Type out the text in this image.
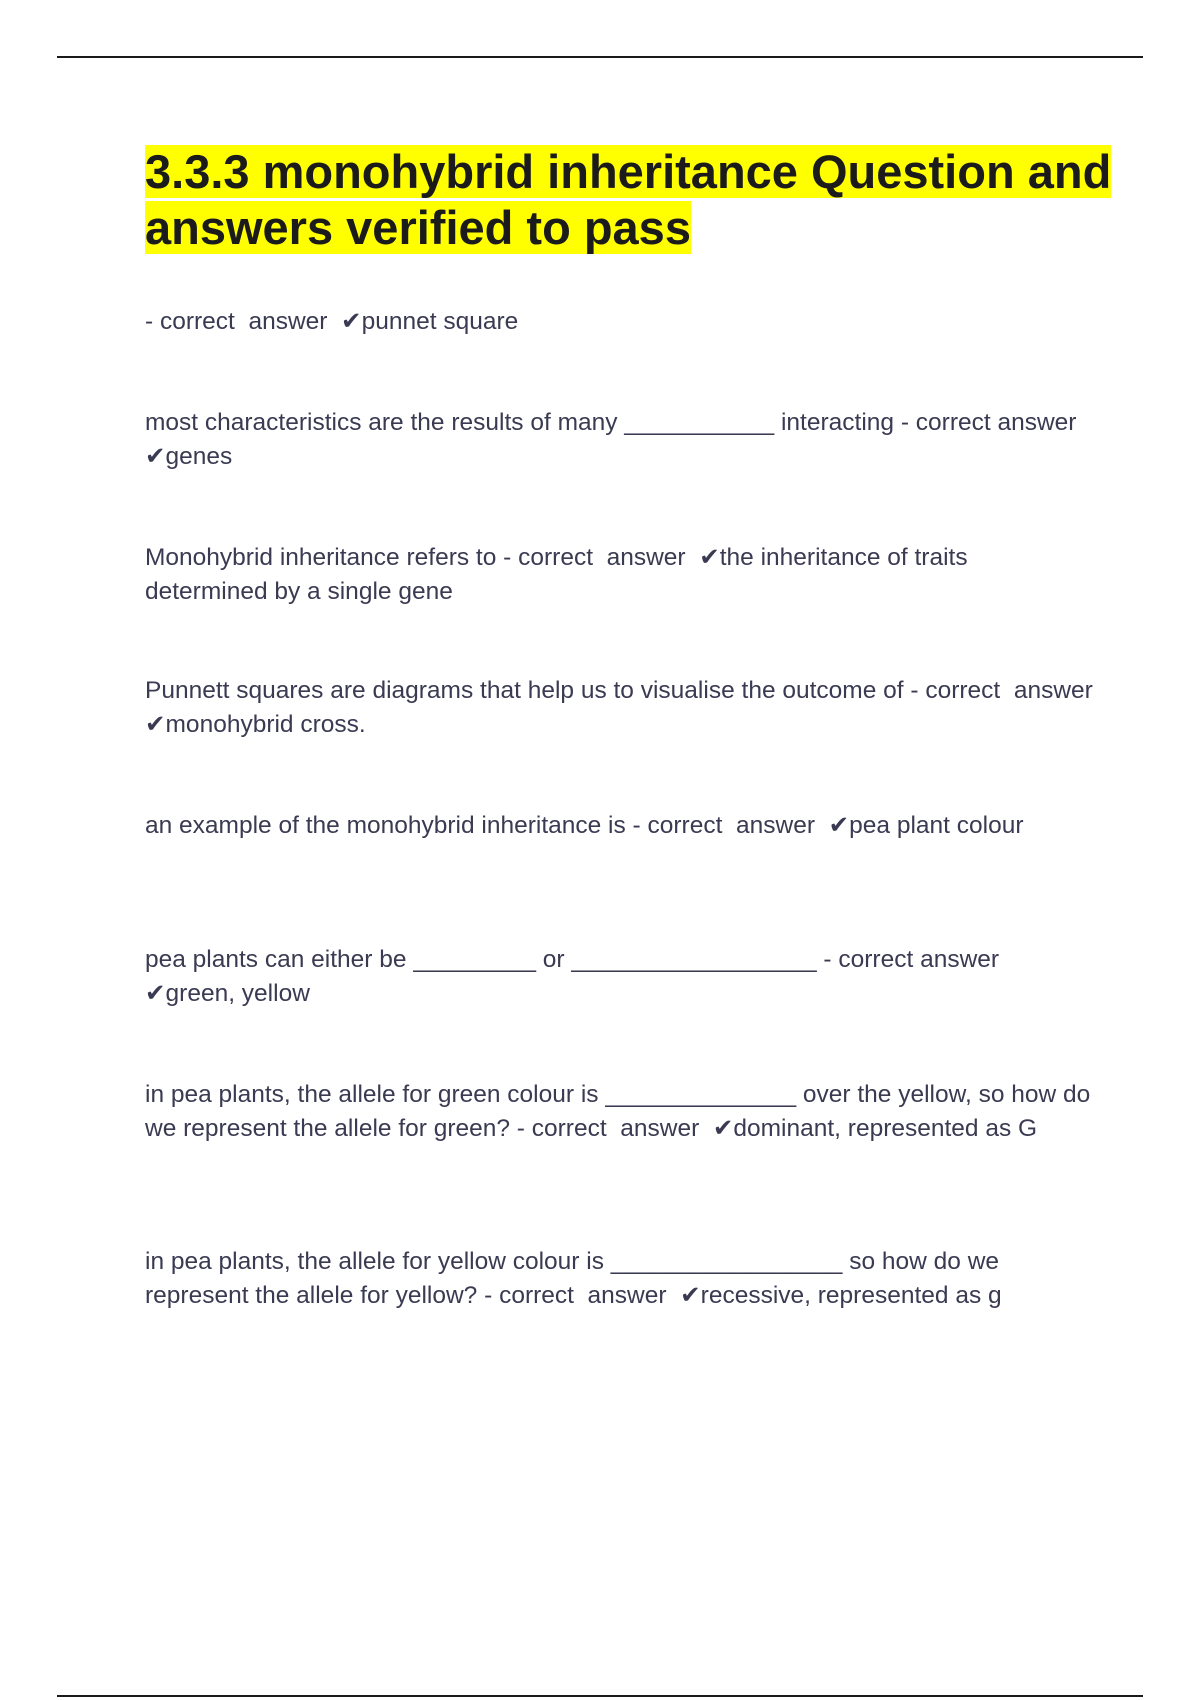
3.3.3 monohybrid inheritance Question and answers verified to pass

- correct  answer  ✔punnet square

most characteristics are the results of many ___________ interacting - correct answer  ✔genes

Monohybrid inheritance refers to - correct  answer  ✔the inheritance of traits determined by a single gene

Punnett squares are diagrams that help us to visualise the outcome of - correct  answer  ✔monohybrid cross.

an example of the monohybrid inheritance is - correct  answer  ✔pea plant colour

pea plants can either be _________ or __________________ - correct answer  ✔green, yellow

in pea plants, the allele for green colour is ______________ over the yellow, so how do we represent the allele for green? - correct  answer  ✔dominant, represented as G

in pea plants, the allele for yellow colour is _________________ so how do we represent the allele for yellow? - correct  answer  ✔recessive, represented as g
